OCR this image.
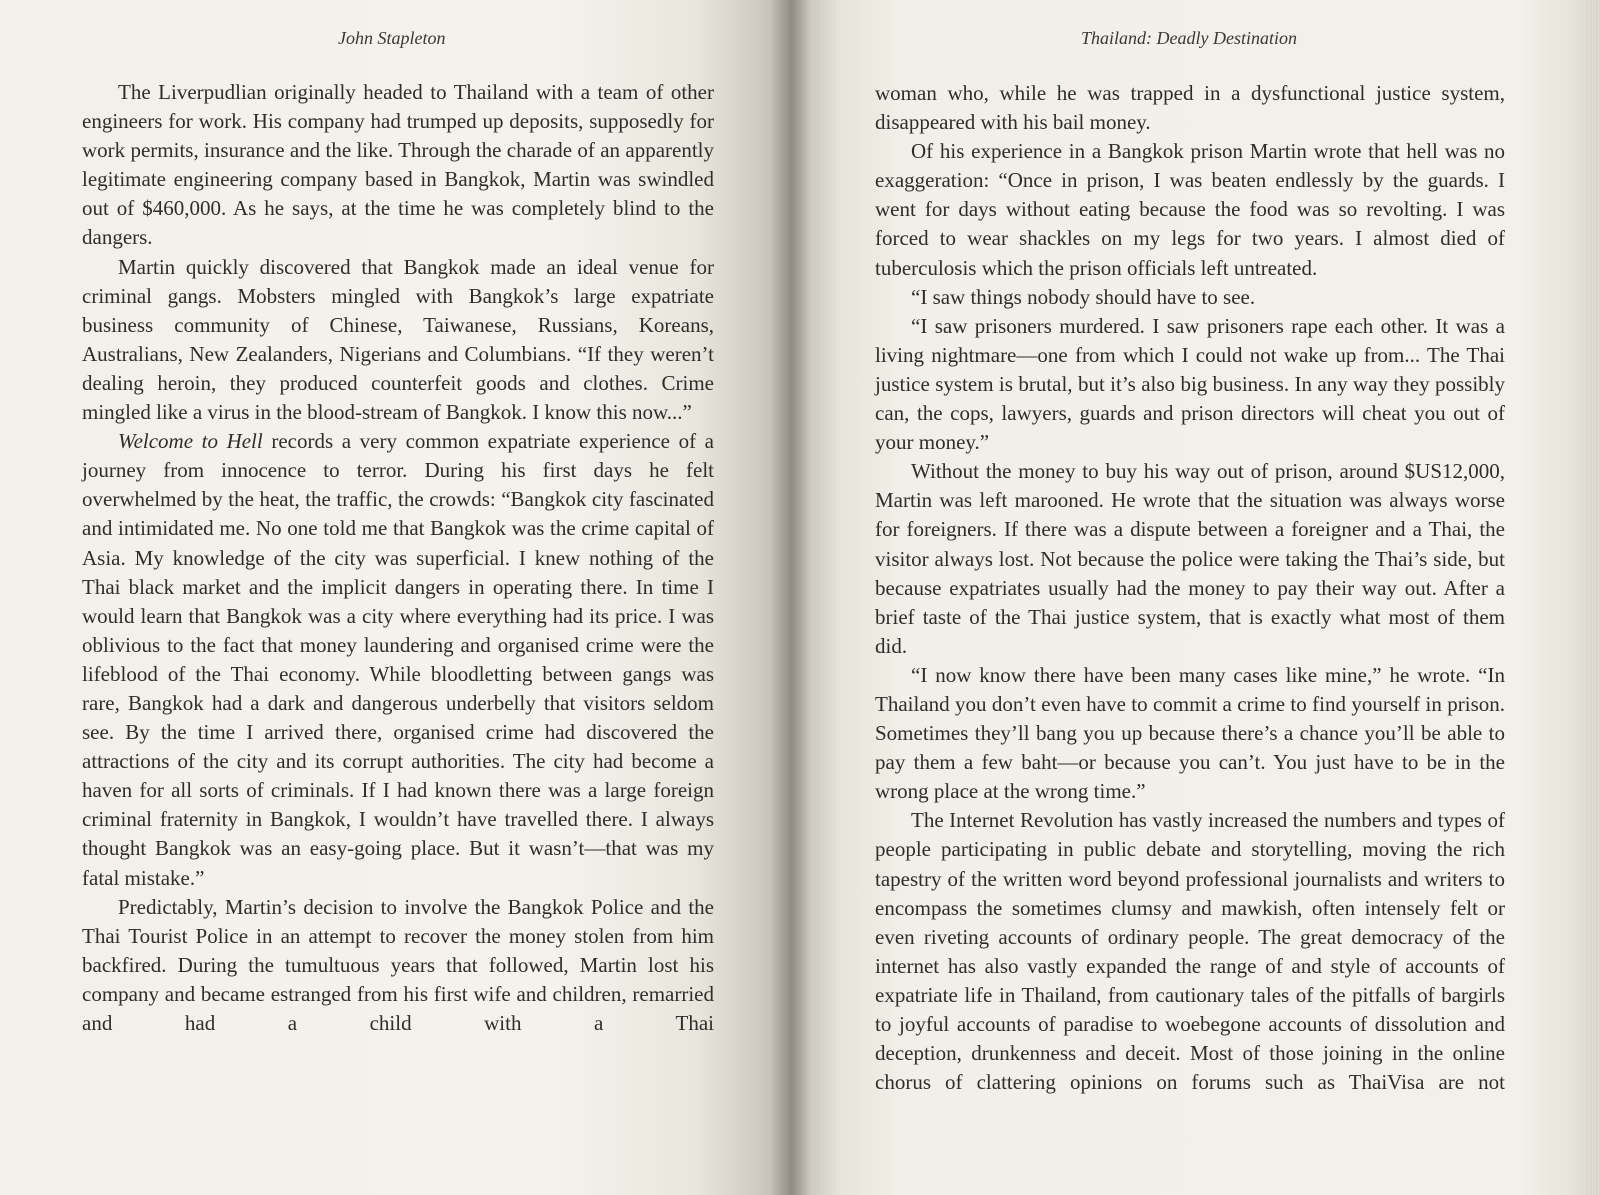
John Stapleton

The Liverpudlian originally headed to Thailand with a team of other engineers for work. His company had trumped up deposits, supposedly for work permits, insurance and the like. Through the charade of an apparently legitimate engineering company based in Bangkok, Martin was swindled out of $460,000. As he says, at the time he was completely blind to the dangers.

Martin quickly discovered that Bangkok made an ideal venue for criminal gangs. Mobsters mingled with Bangkok’s large expatriate business community of Chinese, Taiwanese, Russians, Koreans, Australians, New Zealanders, Nigerians and Columbians. “If they weren’t dealing heroin, they produced counterfeit goods and clothes. Crime mingled like a virus in the blood-stream of Bangkok. I know this now...”

Welcome to Hell records a very common expatriate experience of a journey from innocence to terror. During his first days he felt overwhelmed by the heat, the traffic, the crowds: “Bangkok city fascinated and intimidated me. No one told me that Bangkok was the crime capital of Asia. My knowledge of the city was superficial. I knew nothing of the Thai black market and the implicit dangers in operating there. In time I would learn that Bangkok was a city where everything had its price. I was oblivious to the fact that money laundering and organised crime were the lifeblood of the Thai economy. While bloodletting between gangs was rare, Bangkok had a dark and dangerous underbelly that visitors seldom see. By the time I arrived there, organised crime had discovered the attractions of the city and its corrupt authorities. The city had become a haven for all sorts of criminals. If I had known there was a large foreign criminal fraternity in Bangkok, I wouldn’t have travelled there. I always thought Bangkok was an easy-going place. But it wasn’t—that was my fatal mistake.”

Predictably, Martin’s decision to involve the Bangkok Police and the Thai Tourist Police in an attempt to recover the money stolen from him backfired. During the tumultuous years that followed, Martin lost his company and became estranged from his first wife and children, remarried and had a child with a Thai

Thailand: Deadly Destination

woman who, while he was trapped in a dysfunctional justice system, disappeared with his bail money.

Of his experience in a Bangkok prison Martin wrote that hell was no exaggeration: “Once in prison, I was beaten endlessly by the guards. I went for days without eating because the food was so revolting. I was forced to wear shackles on my legs for two years. I almost died of tuberculosis which the prison officials left untreated.

“I saw things nobody should have to see.

“I saw prisoners murdered. I saw prisoners rape each other. It was a living nightmare—one from which I could not wake up from... The Thai justice system is brutal, but it’s also big business. In any way they possibly can, the cops, lawyers, guards and prison directors will cheat you out of your money.”

Without the money to buy his way out of prison, around $US12,000, Martin was left marooned. He wrote that the situation was always worse for foreigners. If there was a dispute between a foreigner and a Thai, the visitor always lost. Not because the police were taking the Thai’s side, but because expatriates usually had the money to pay their way out. After a brief taste of the Thai justice system, that is exactly what most of them did.

“I now know there have been many cases like mine,” he wrote. “In Thailand you don’t even have to commit a crime to find yourself in prison. Sometimes they’ll bang you up because there’s a chance you’ll be able to pay them a few baht—or because you can’t. You just have to be in the wrong place at the wrong time.”

The Internet Revolution has vastly increased the numbers and types of people participating in public debate and storytelling, moving the rich tapestry of the written word beyond professional journalists and writers to encompass the sometimes clumsy and mawkish, often intensely felt or even riveting accounts of ordinary people. The great democracy of the internet has also vastly expanded the range of and style of accounts of expatriate life in Thailand, from cautionary tales of the pitfalls of bargirls to joyful accounts of paradise to woebegone accounts of dissolution and deception, drunkenness and deceit. Most of those joining in the online chorus of clattering opinions on forums such as ThaiVisa are not
